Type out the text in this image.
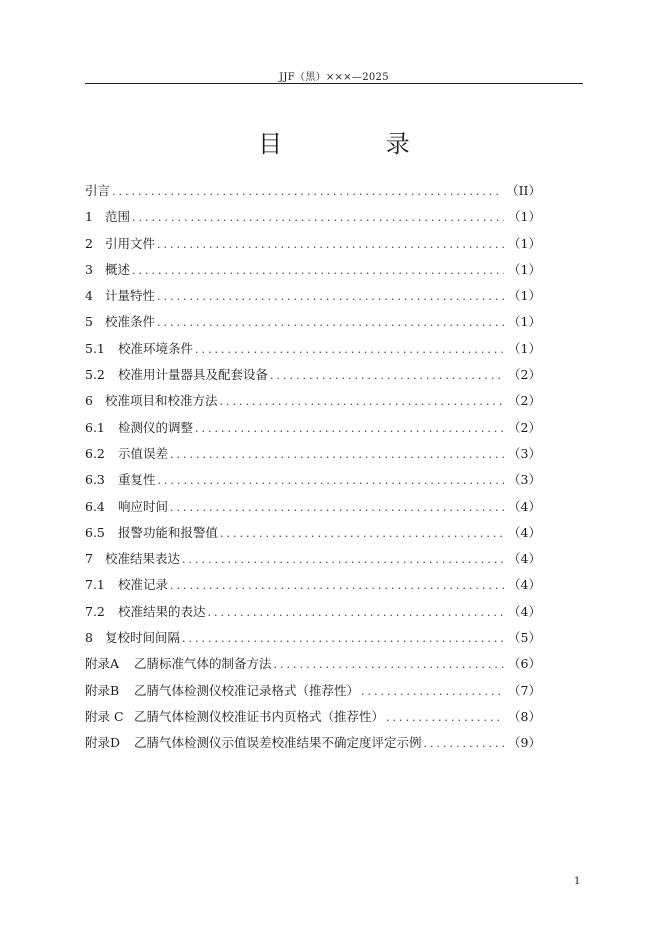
JJF（黑）×××—2025
目 录
引言 .....	（II）
1 范围 .....	（1）
2 引用文件 .....	（1）
3 概述 .....	（1）
4 计量特性 .....	（1）
5 校准条件 .....	（1）
5.1	校准环境条件 .....	（1）
5.2	校准用计量器具及配套设备 .....	（2）
6 校准项目和校准方法 .....	（2）
6.1	检测仪的调整 .....	（2）
6.2	示值误差 .....	（3）
6.3	重复性 .....	（3）
6.4	响应时间 .....	（4）
6.5	报警功能和报警值 .....	（4）
7 校准结果表达 .....	（4）
7.1	校准记录 .....	（4）
7.2	校准结果的表达 .....	（4）
8 复校时间间隔 .....	（5）
附录A	乙腈标准气体的制备方法 .....	（6）
附录B	乙腈气体检测仪校准记录格式（推荐性） .....	（7）
附录 C 乙腈气体检测仪校准证书内页格式（推荐性） .....	（8）
附录D	乙腈气体检测仪示值误差校准结果不确定度评定示例 .....	（9）
1
